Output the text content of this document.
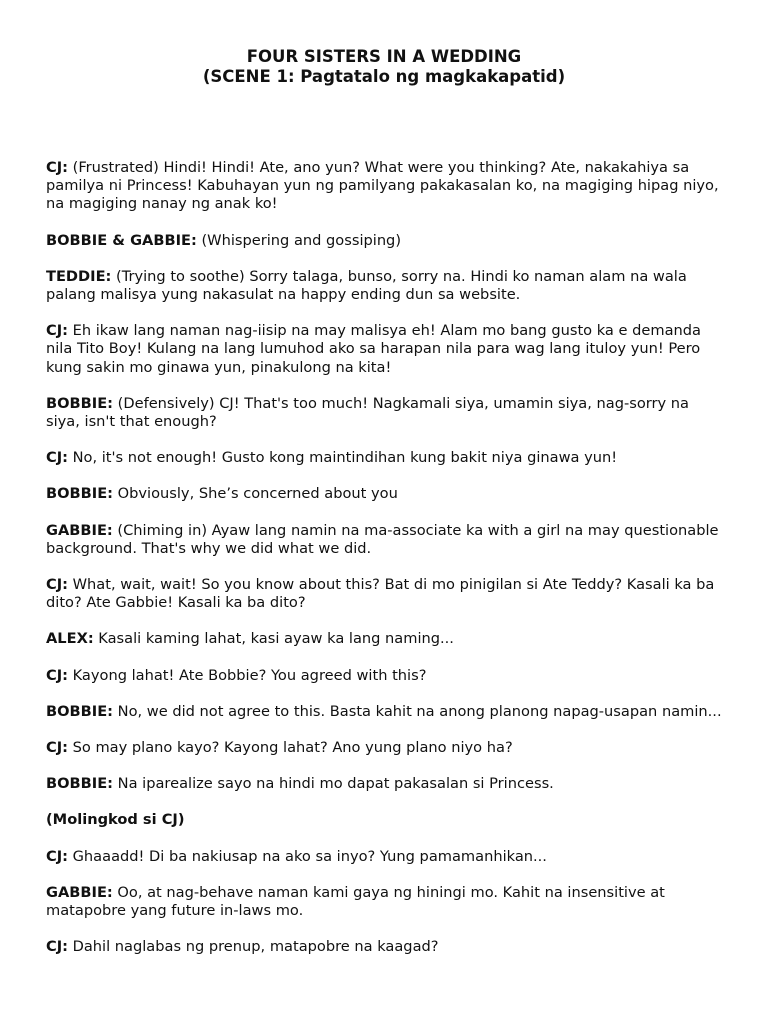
FOUR SISTERS IN A WEDDING
(SCENE 1: Pagtatalo ng magkakapatid)

CJ: (Frustrated) Hindi! Hindi! Ate, ano yun? What were you thinking? Ate, nakakahiya sa pamilya ni Princess! Kabuhayan yun ng pamilyang pakakasalan ko, na magiging hipag niyo, na magiging nanay ng anak ko!

BOBBIE & GABBIE: (Whispering and gossiping)

TEDDIE: (Trying to soothe) Sorry talaga, bunso, sorry na. Hindi ko naman alam na wala palang malisya yung nakasulat na happy ending dun sa website.

CJ: Eh ikaw lang naman nag-iisip na may malisya eh! Alam mo bang gusto ka e demanda nila Tito Boy! Kulang na lang lumuhod ako sa harapan nila para wag lang ituloy yun! Pero kung sakin mo ginawa yun, pinakulong na kita!

BOBBIE: (Defensively) CJ! That's too much! Nagkamali siya, umamin siya, nag-sorry na siya, isn't that enough?

CJ: No, it's not enough! Gusto kong maintindihan kung bakit niya ginawa yun!

BOBBIE: Obviously, She’s concerned about you

GABBIE: (Chiming in) Ayaw lang namin na ma-associate ka with a girl na may questionable background. That's why we did what we did.

CJ: What, wait, wait! So you know about this? Bat di mo pinigilan si Ate Teddy? Kasali ka ba dito? Ate Gabbie! Kasali ka ba dito?

ALEX: Kasali kaming lahat, kasi ayaw ka lang naming...

CJ: Kayong lahat! Ate Bobbie? You agreed with this?

BOBBIE: No, we did not agree to this. Basta kahit na anong planong napag-usapan namin...

CJ: So may plano kayo? Kayong lahat? Ano yung plano niyo ha?

BOBBIE: Na iparealize sayo na hindi mo dapat pakasalan si Princess.

(Molingkod si CJ)

CJ: Ghaaadd! Di ba nakiusap na ako sa inyo? Yung pamamanhikan...

GABBIE: Oo, at nag-behave naman kami gaya ng hiningi mo. Kahit na insensitive at matapobre yang future in-laws mo.

CJ: Dahil naglabas ng prenup, matapobre na kaagad?
